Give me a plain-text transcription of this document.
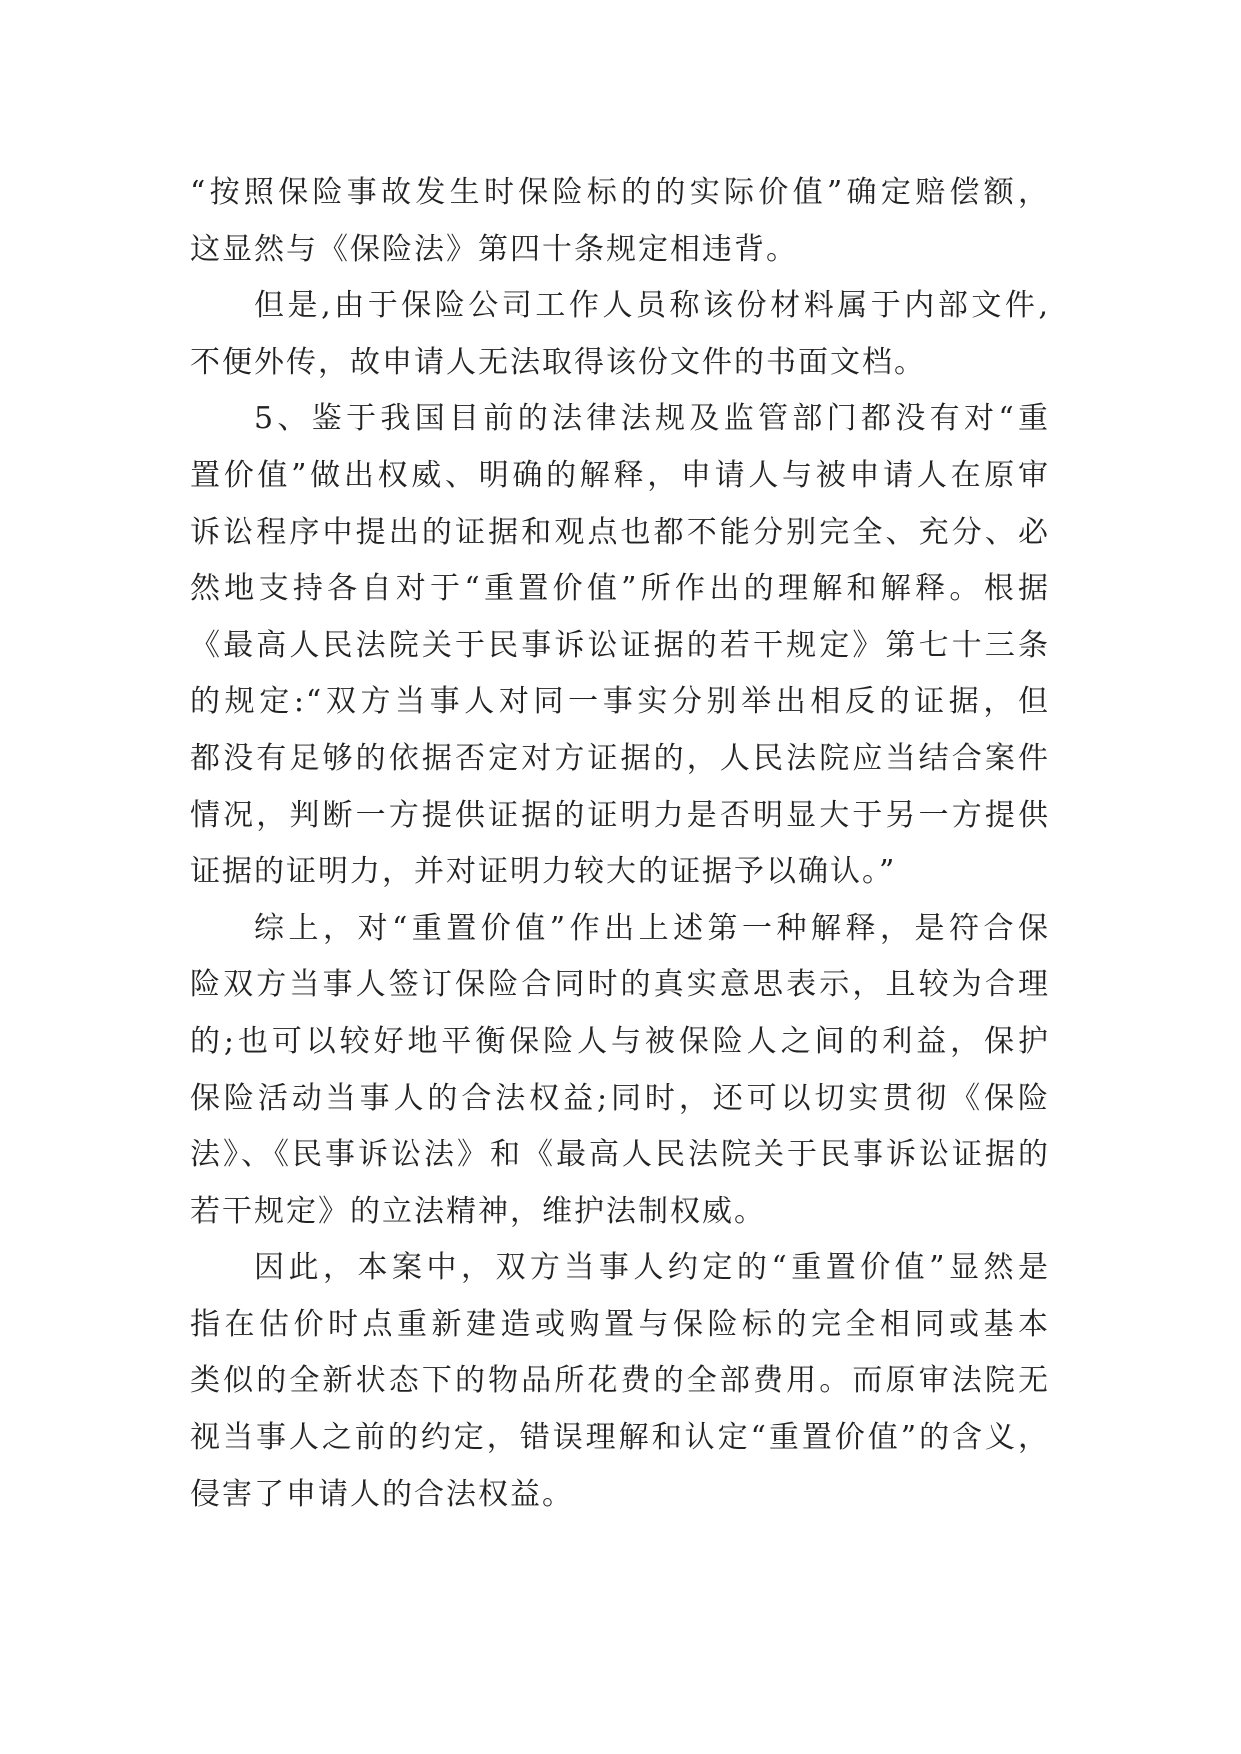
“按照保险事故发生时保险标的的实际价值”确定赔偿额，
这显然与《保险法》第四十条规定相违背。
但是,由于保险公司工作人员称该份材料属于内部文件,
不便外传，故申请人无法取得该份文件的书面文档。
5、鉴于我国目前的法律法规及监管部门都没有对“重
置价值”做出权威、明确的解释，申请人与被申请人在原审
诉讼程序中提出的证据和观点也都不能分别完全、充分、必
然地支持各自对于“重置价值”所作出的理解和解释。根据
《最高人民法院关于民事诉讼证据的若干规定》第七十三条
的规定:“双方当事人对同一事实分别举出相反的证据，但
都没有足够的依据否定对方证据的，人民法院应当结合案件
情况，判断一方提供证据的证明力是否明显大于另一方提供
证据的证明力，并对证明力较大的证据予以确认。”
综上，对“重置价值”作出上述第一种解释，是符合保
险双方当事人签订保险合同时的真实意思表示，且较为合理
的;也可以较好地平衡保险人与被保险人之间的利益，保护
保险活动当事人的合法权益;同时，还可以切实贯彻《保险
法》、《民事诉讼法》和《最高人民法院关于民事诉讼证据的
若干规定》的立法精神，维护法制权威。
因此，本案中，双方当事人约定的“重置价值”显然是
指在估价时点重新建造或购置与保险标的完全相同或基本
类似的全新状态下的物品所花费的全部费用。而原审法院无
视当事人之前的约定，错误理解和认定“重置价值”的含义，
侵害了申请人的合法权益。
